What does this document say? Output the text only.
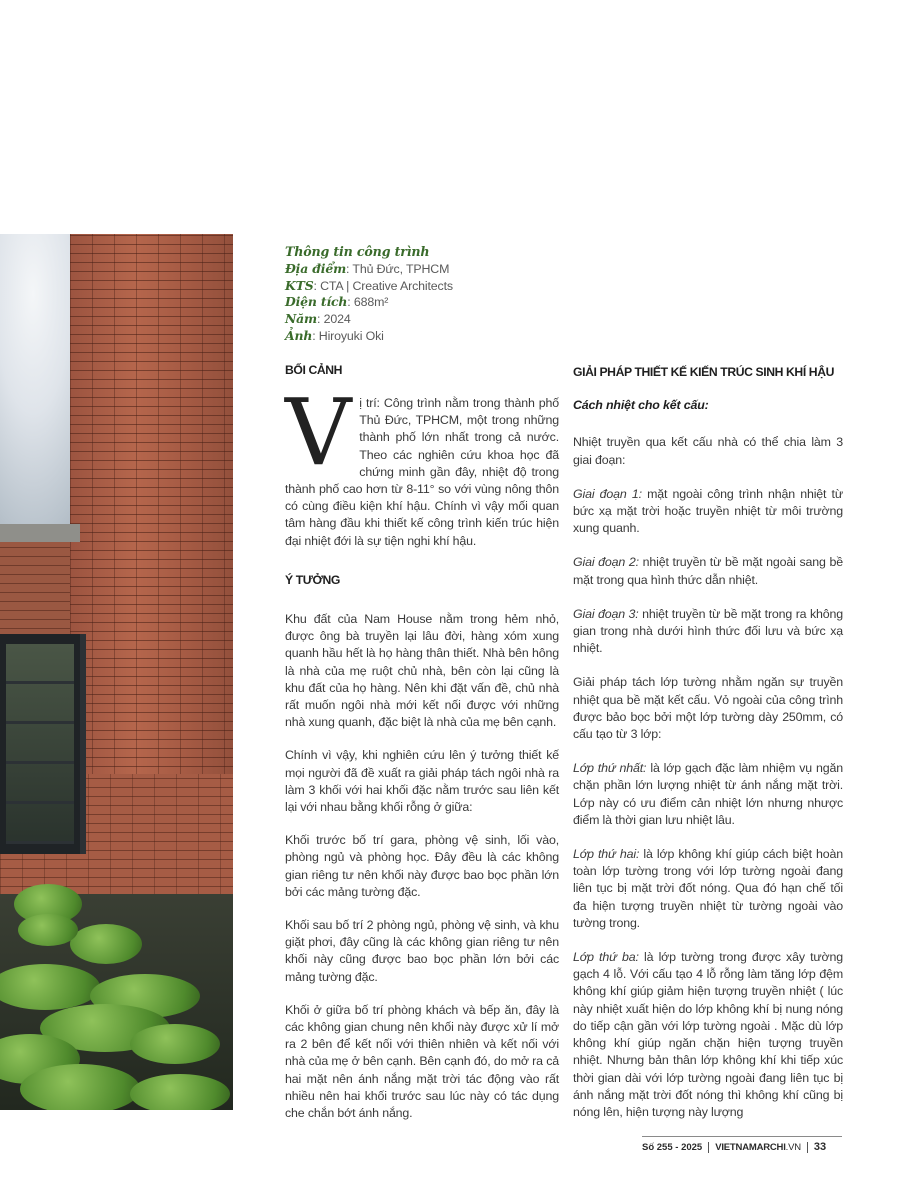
Thông tin công trình
Địa điểm: Thủ Đức, TPHCM
KTS: CTA | Creative Architects
Diện tích: 688m²
Năm: 2024
Ảnh: Hiroyuki Oki
BỐI CẢNH

Vị trí: Công trình nằm trong thành phố Thủ Đức, TPHCM, một trong những thành phố lớn nhất trong cả nước. Theo các nghiên cứu khoa học đã chứng minh gần đây, nhiệt độ trong thành phố cao hơn từ 8-11° so với vùng nông thôn có cùng điều kiện khí hậu. Chính vì vậy mối quan tâm hàng đầu khi thiết kế công trình kiến trúc hiện đại nhiệt đới là sự tiện nghi khí hậu.

Ý TƯỞNG

Khu đất của Nam House nằm trong hẻm nhỏ, được ông bà truyền lại lâu đời, hàng xóm xung quanh hầu hết là họ hàng thân thiết. Nhà bên hông là nhà của mẹ ruột chủ nhà, bên còn lại cũng là khu đất của họ hàng. Nên khi đặt vấn đề, chủ nhà rất muốn ngôi nhà mới kết nối được với những nhà xung quanh, đặc biệt là nhà của mẹ bên cạnh.

Chính vì vậy, khi nghiên cứu lên ý tưởng thiết kế mọi người đã đề xuất ra giải pháp tách ngôi nhà ra làm 3 khối với hai khối đặc nằm trước sau liên kết lại với nhau bằng khối rỗng ở giữa:

Khối trước bố trí gara, phòng vệ sinh, lối vào, phòng ngủ và phòng học. Đây đều là các không gian riêng tư nên khối này được bao bọc phần lớn bởi các mảng tường đặc.

Khối sau bố trí 2 phòng ngủ, phòng vệ sinh, và khu giặt phơi, đây cũng là các không gian riêng tư nên khối này cũng được bao bọc phần lớn bởi các mảng tường đặc.

Khối ở giữa bố trí phòng khách và bếp ăn, đây là các không gian chung nên khối này được xử lí mở ra 2 bên để kết nối với thiên nhiên và kết nối với nhà của mẹ ở bên cạnh. Bên cạnh đó, do mở ra cả hai mặt nên ánh nắng mặt trời tác động vào rất nhiều nên hai khối trước sau lúc này có tác dụng che chắn bớt ánh nắng.

GIẢI PHÁP THIẾT KẾ KIẾN TRÚC SINH KHÍ HẬU
Cách nhiệt cho kết cấu:

Nhiệt truyền qua kết cấu nhà có thể chia làm 3 giai đoạn:

Giai đoạn 1: mặt ngoài công trình nhận nhiệt từ bức xạ mặt trời hoặc truyền nhiệt từ môi trường xung quanh.

Giai đoạn 2: nhiệt truyền từ bề mặt ngoài sang bề mặt trong qua hình thức dẫn nhiệt.

Giai đoạn 3: nhiệt truyền từ bề mặt trong ra không gian trong nhà dưới hình thức đối lưu và bức xạ nhiệt.

Giải pháp tách lớp tường nhằm ngăn sự truyền nhiệt qua bề mặt kết cấu. Vỏ ngoài của công trình được bảo bọc bởi một lớp tường dày 250mm, có cấu tạo từ 3 lớp:

Lớp thứ nhất: là lớp gạch đặc làm nhiệm vụ ngăn chặn phần lớn lượng nhiệt từ ánh nắng mặt trời. Lớp này có ưu điểm cản nhiệt lớn nhưng nhược điểm là thời gian lưu nhiệt lâu.

Lớp thứ hai: là lớp không khí giúp cách biệt hoàn toàn lớp tường trong với lớp tường ngoài đang liên tục bị mặt trời đốt nóng. Qua đó hạn chế tối đa hiện tượng truyền nhiệt từ tường ngoài vào tường trong.

Lớp thứ ba: là lớp tường trong được xây tường gạch 4 lỗ. Với cấu tạo 4 lỗ rỗng làm tăng lớp đệm không khí giúp giảm hiện tượng truyền nhiệt ( lúc này nhiệt xuất hiện do lớp không khí bị nung nóng do tiếp cận gần với lớp tường ngoài . Mặc dù lớp không khí giúp ngăn chặn hiện tượng truyền nhiệt. Nhưng bản thân lớp không khí khi tiếp xúc thời gian dài với lớp tường ngoài đang liên tục bị ánh nắng mặt trời đốt nóng thì không khí cũng bị nóng lên, hiện tượng này lượng

Số 255 - 2025	VIETNAMARCHI.VN	33
